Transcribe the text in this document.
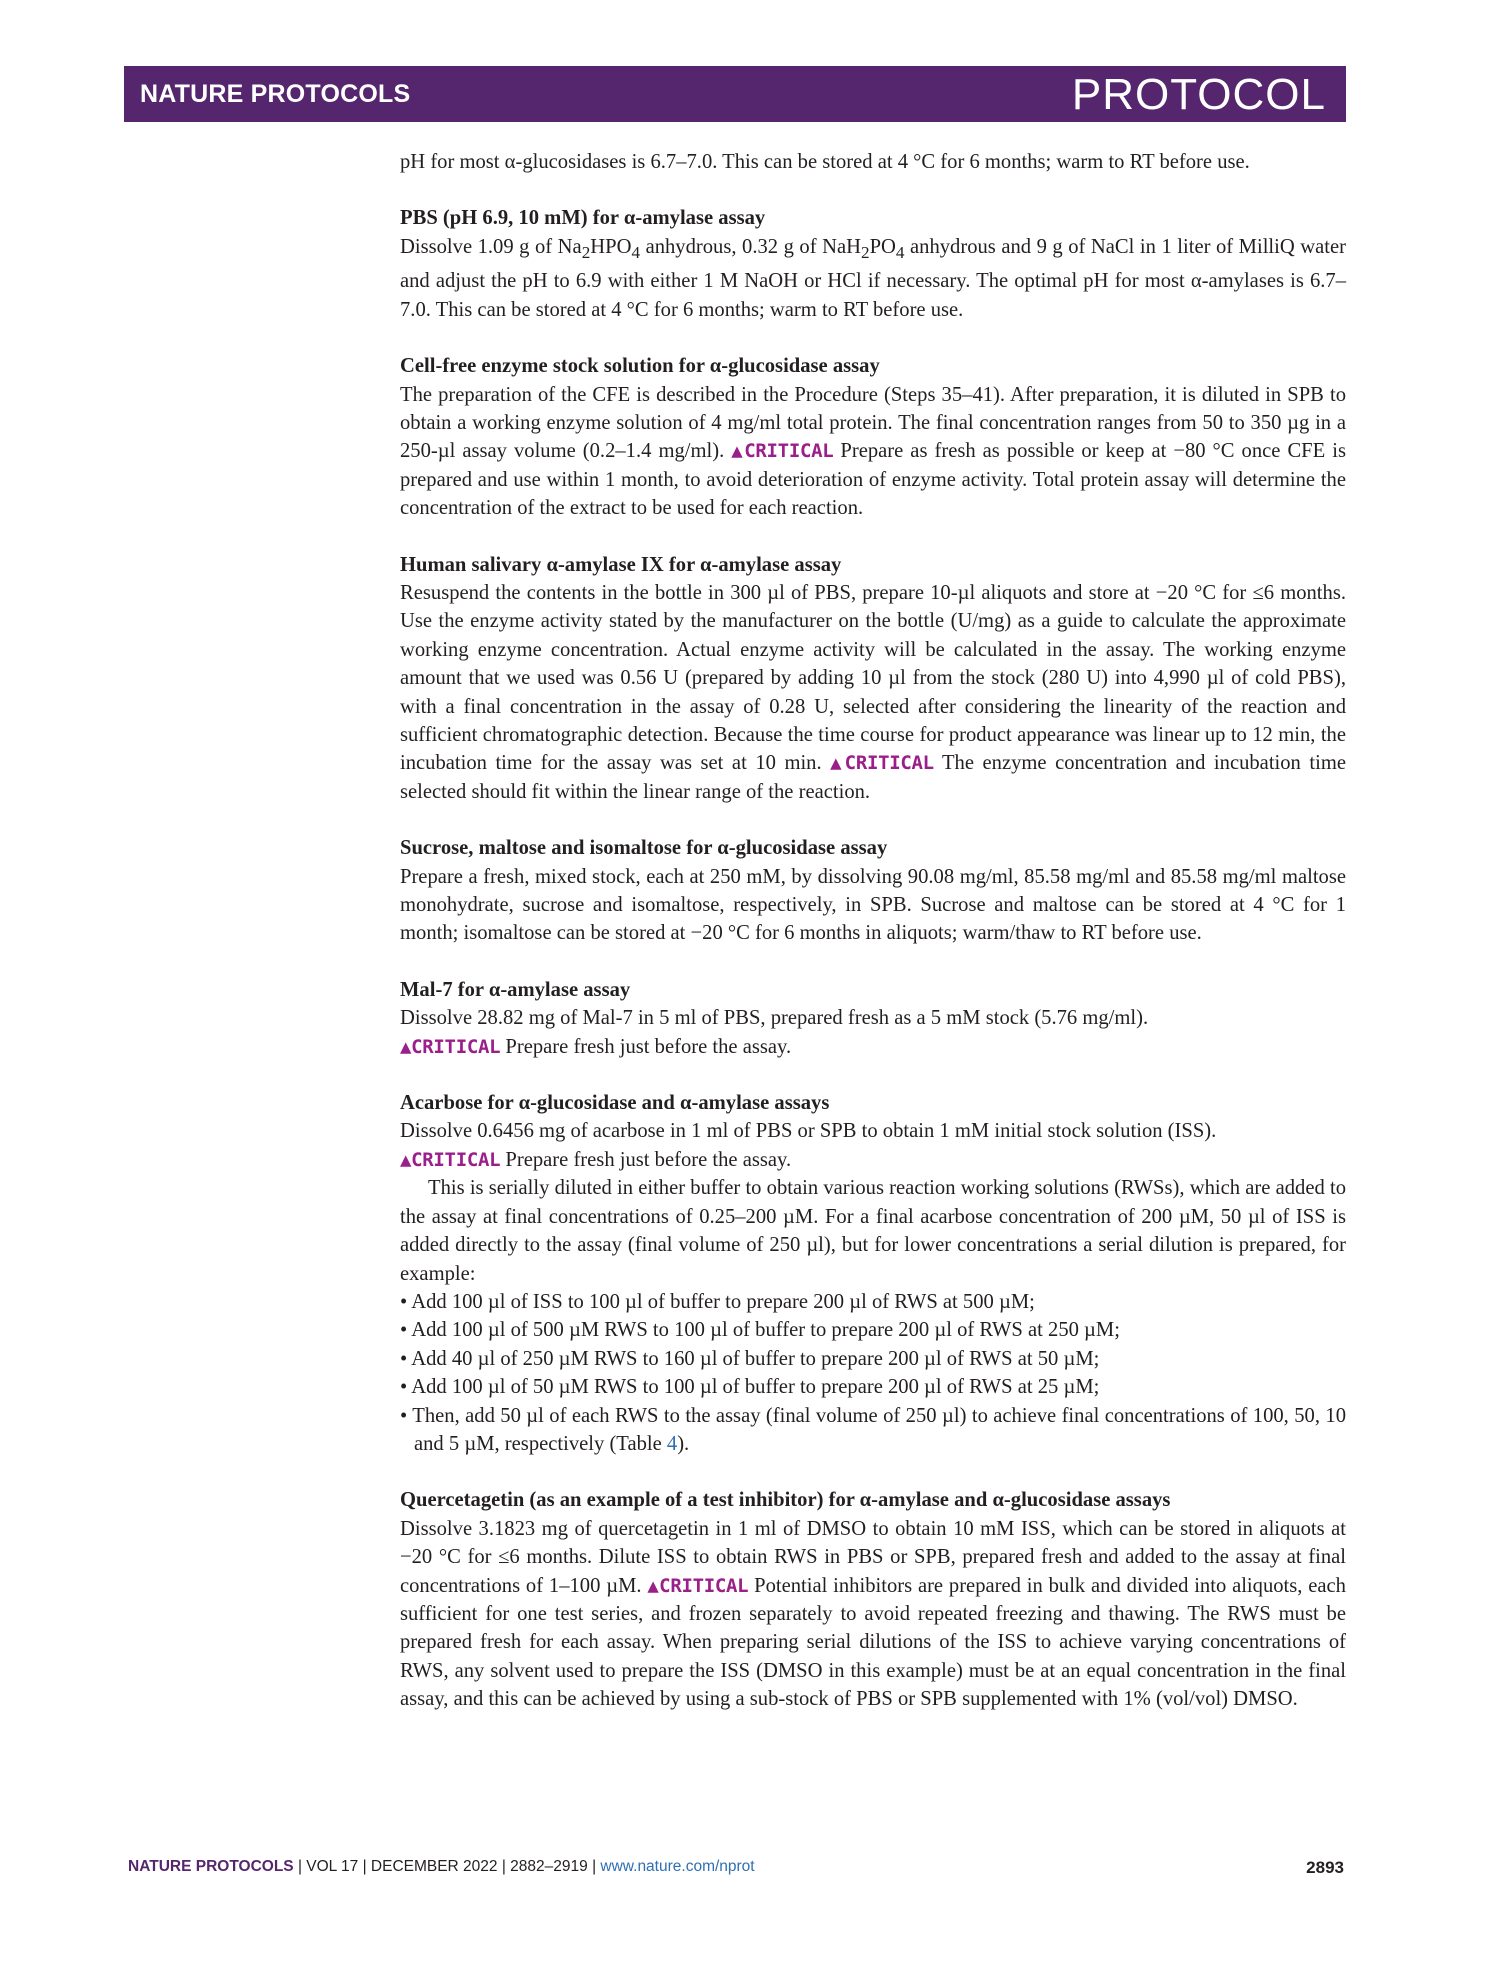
NATURE PROTOCOLS	PROTOCOL

pH for most α-glucosidases is 6.7–7.0. This can be stored at 4 °C for 6 months; warm to RT before use.

PBS (pH 6.9, 10 mM) for α-amylase assay

Dissolve 1.09 g of $Na_2HPO_4$ anhydrous, 0.32 g of $NaH_2PO_4$ anhydrous and 9 g of NaCl in 1 liter of MilliQ water and adjust the pH to 6.9 with either 1 M NaOH or HCl if necessary. The optimal pH for most α-amylases is 6.7–7.0. This can be stored at 4 °C for 6 months; warm to RT before use.

Cell-free enzyme stock solution for α-glucosidase assay

The preparation of the CFE is described in the Procedure (Steps 35–41). After preparation, it is diluted in SPB to obtain a working enzyme solution of 4 mg/ml total protein. The final concentration ranges from 50 to 350 µg in a 250-µl assay volume (0.2–1.4 mg/ml). ▲CRITICAL Prepare as fresh as possible or keep at −80 °C once CFE is prepared and use within 1 month, to avoid deterioration of enzyme activity. Total protein assay will determine the concentration of the extract to be used for each reaction.

Human salivary α-amylase IX for α-amylase assay

Resuspend the contents in the bottle in 300 µl of PBS, prepare 10-µl aliquots and store at −20 °C for ≤6 months. Use the enzyme activity stated by the manufacturer on the bottle (U/mg) as a guide to calculate the approximate working enzyme concentration. Actual enzyme activity will be calculated in the assay. The working enzyme amount that we used was 0.56 U (prepared by adding 10 µl from the stock (280 U) into 4,990 µl of cold PBS), with a final concentration in the assay of 0.28 U, selected after considering the linearity of the reaction and sufficient chromatographic detection. Because the time course for product appearance was linear up to 12 min, the incubation time for the assay was set at 10 min. ▲CRITICAL The enzyme concentration and incubation time selected should fit within the linear range of the reaction.

Sucrose, maltose and isomaltose for α-glucosidase assay

Prepare a fresh, mixed stock, each at 250 mM, by dissolving 90.08 mg/ml, 85.58 mg/ml and 85.58 mg/ml maltose monohydrate, sucrose and isomaltose, respectively, in SPB. Sucrose and maltose can be stored at 4 °C for 1 month; isomaltose can be stored at −20 °C for 6 months in aliquots; warm/thaw to RT before use.

Mal-7 for α-amylase assay

Dissolve 28.82 mg of Mal-7 in 5 ml of PBS, prepared fresh as a 5 mM stock (5.76 mg/ml).

▲CRITICAL Prepare fresh just before the assay.

Acarbose for α-glucosidase and α-amylase assays

Dissolve 0.6456 mg of acarbose in 1 ml of PBS or SPB to obtain 1 mM initial stock solution (ISS).

▲CRITICAL Prepare fresh just before the assay.

This is serially diluted in either buffer to obtain various reaction working solutions (RWSs), which are added to the assay at final concentrations of 0.25–200 µM. For a final acarbose concentration of 200 µM, 50 µl of ISS is added directly to the assay (final volume of 250 µl), but for lower concentrations a serial dilution is prepared, for example:

• Add 100 µl of ISS to 100 µl of buffer to prepare 200 µl of RWS at 500 µM;
• Add 100 µl of 500 µM RWS to 100 µl of buffer to prepare 200 µl of RWS at 250 µM;
• Add 40 µl of 250 µM RWS to 160 µl of buffer to prepare 200 µl of RWS at 50 µM;
• Add 100 µl of 50 µM RWS to 100 µl of buffer to prepare 200 µl of RWS at 25 µM;
• Then, add 50 µl of each RWS to the assay (final volume of 250 µl) to achieve final concentrations of 100, 50, 10 and 5 µM, respectively (Table 4).

Quercetagetin (as an example of a test inhibitor) for α-amylase and α-glucosidase assays

Dissolve 3.1823 mg of quercetagetin in 1 ml of DMSO to obtain 10 mM ISS, which can be stored in aliquots at −20 °C for ≤6 months. Dilute ISS to obtain RWS in PBS or SPB, prepared fresh and added to the assay at final concentrations of 1–100 µM. ▲CRITICAL Potential inhibitors are prepared in bulk and divided into aliquots, each sufficient for one test series, and frozen separately to avoid repeated freezing and thawing. The RWS must be prepared fresh for each assay. When preparing serial dilutions of the ISS to achieve varying concentrations of RWS, any solvent used to prepare the ISS (DMSO in this example) must be at an equal concentration in the final assay, and this can be achieved by using a sub-stock of PBS or SPB supplemented with 1% (vol/vol) DMSO.

NATURE PROTOCOLS | VOL 17 | DECEMBER 2022 | 2882–2919 | www.nature.com/nprot	2893
